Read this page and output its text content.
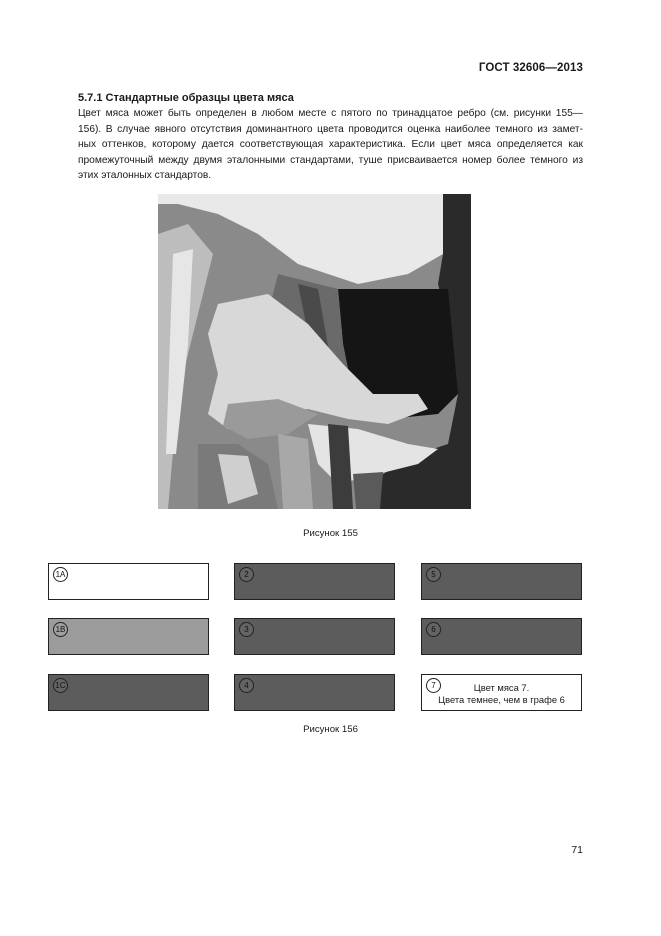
ГОСТ 32606—2013
5.7.1 Стандартные образцы цвета мяса
Цвет мяса может быть определен в любом месте с пятого по тринадцатое ребро (см. рисунки 155—
156). В случае явного отсутствия доминантного цвета проводится оценка наиболее темного из замет-
ных оттенков, которому дается соответствующая характеристика. Если цвет мяса определяется как
промежуточный между двумя эталонными стандартами, туше присваивается номер более темного из
этих эталонных стандартов.
Рисунок 155
1A	2	5
1B	3	6
1C	4	7	Цвет мяса 7.
Цвета темнее, чем в графе 6
Рисунок 156
71
